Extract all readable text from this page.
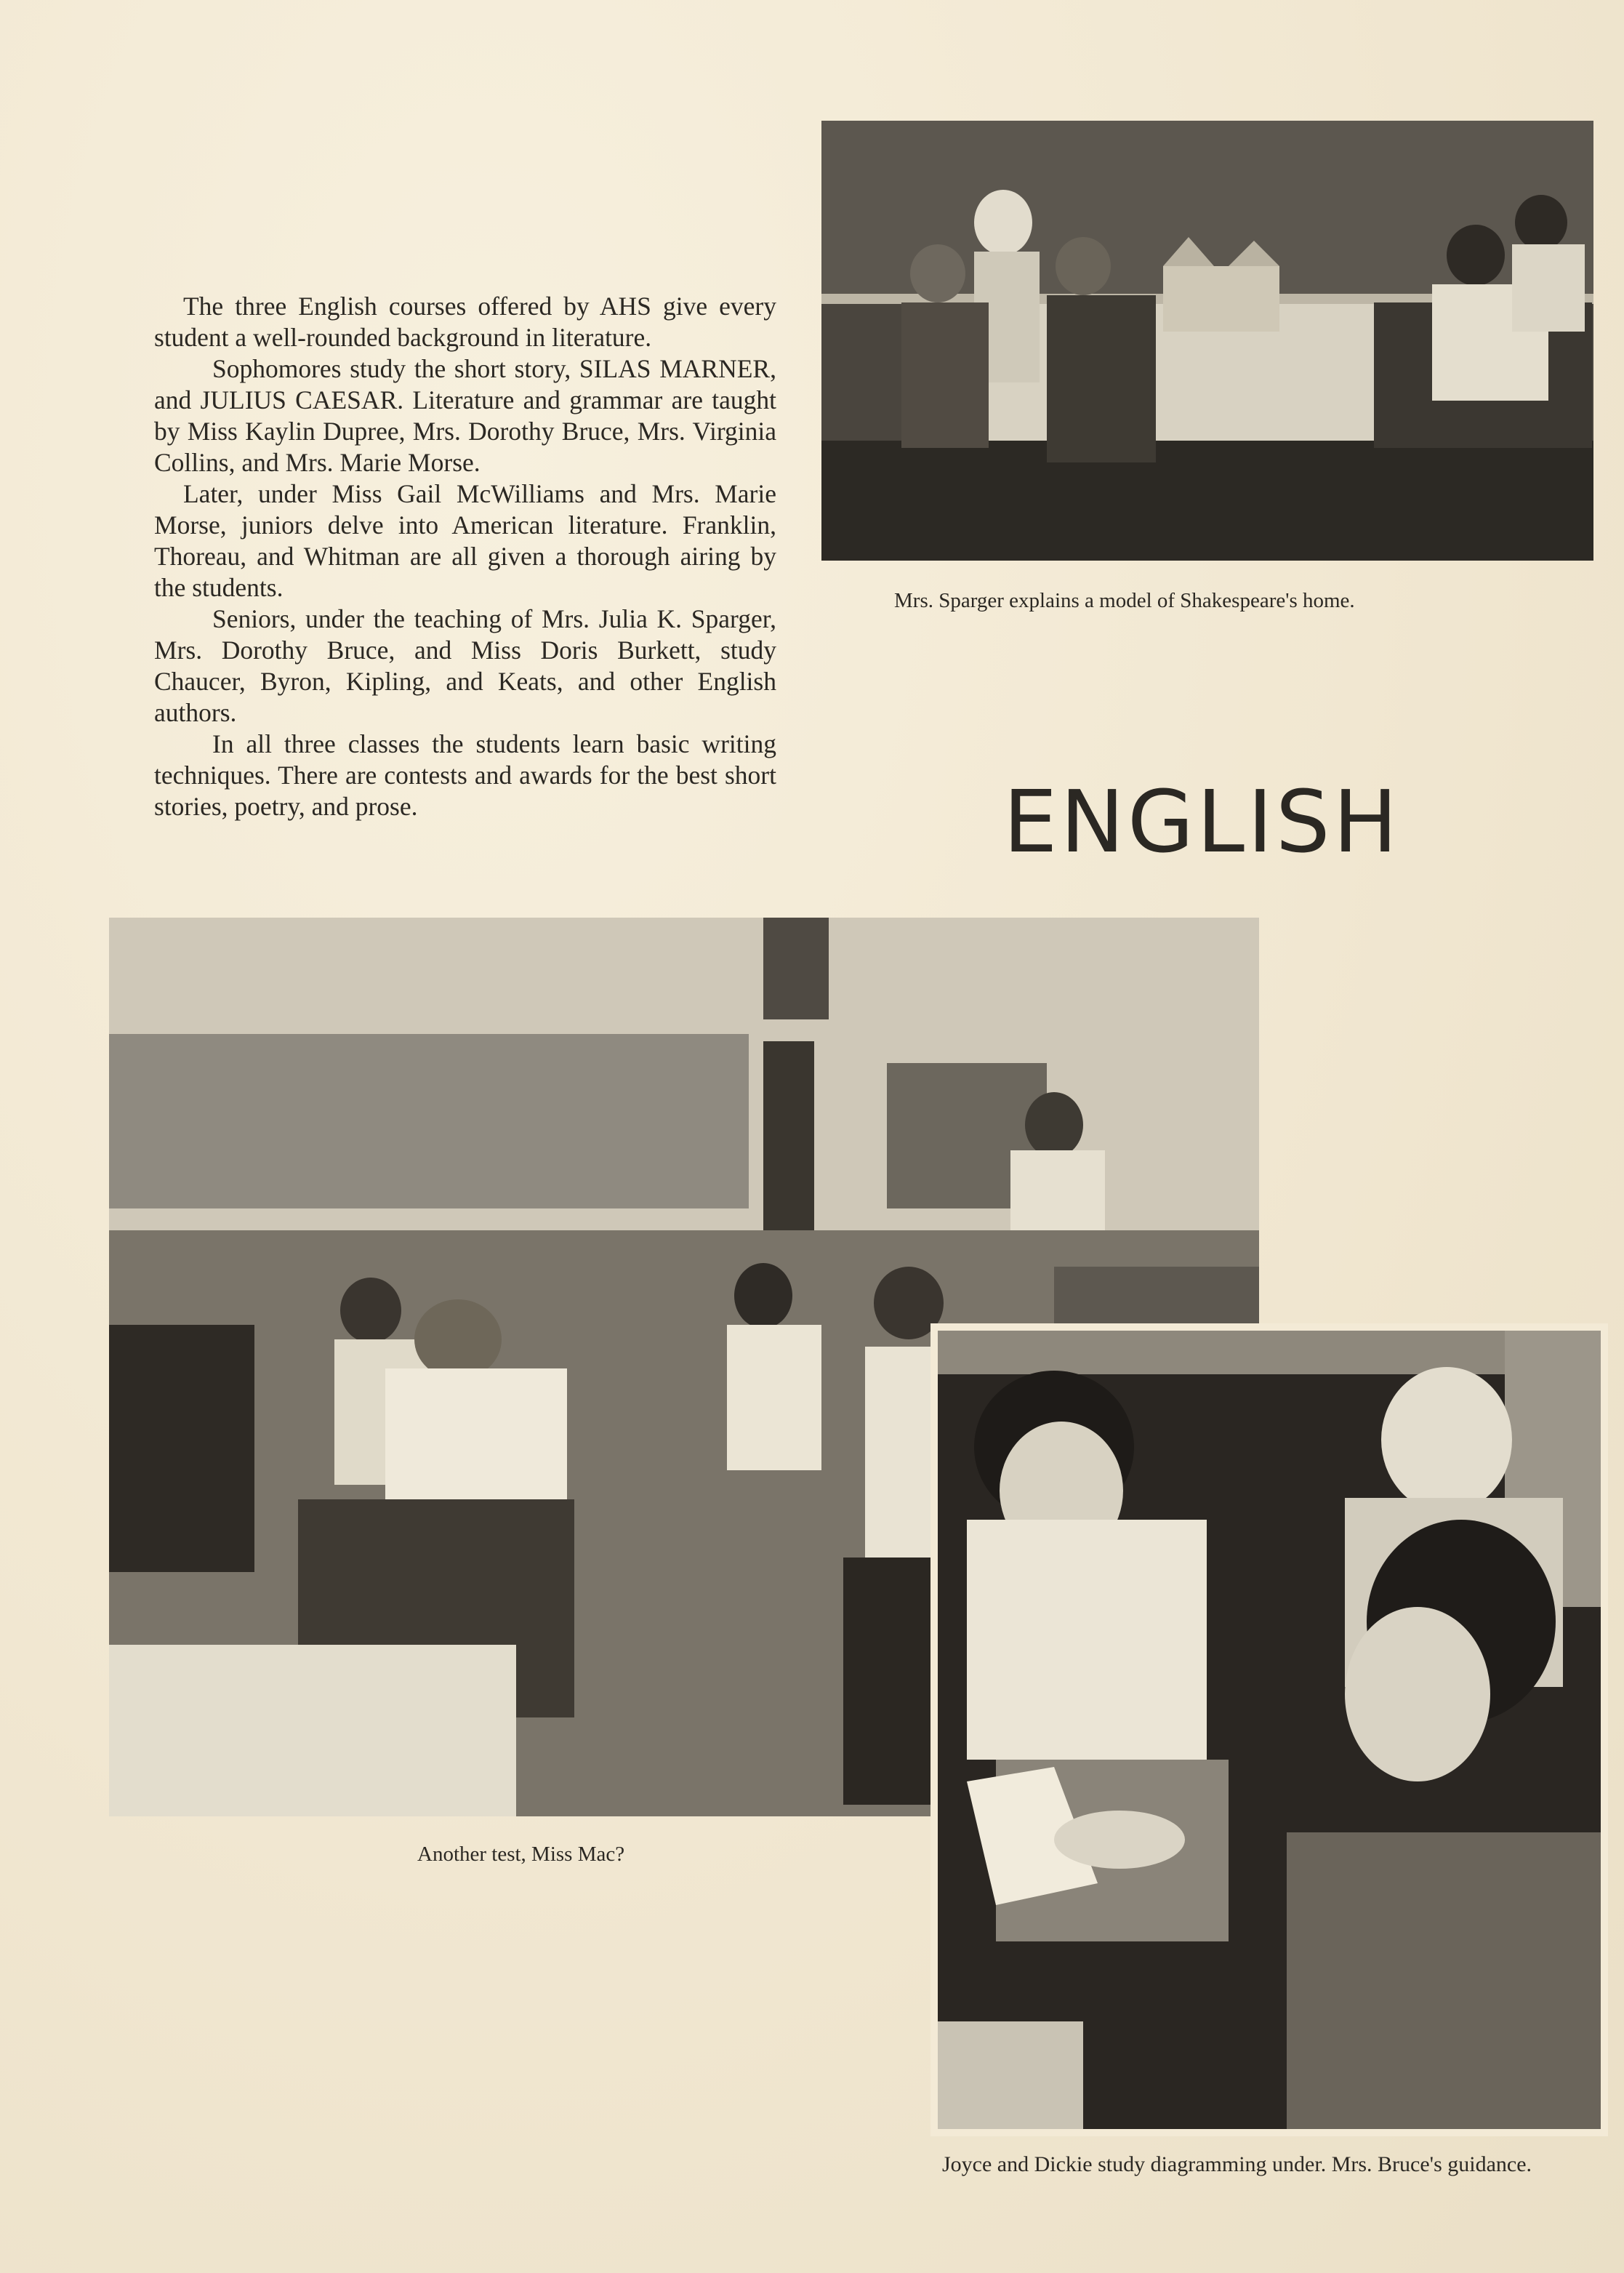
The three English courses offered by AHS give every student a well-rounded background in literature.

Sophomores study the short story, SILAS MARNER, and JULIUS CAESAR. Literature and grammar are taught by Miss Kaylin Dupree, Mrs. Dorothy Bruce, Mrs. Virginia Collins, and Mrs. Marie Morse.

Later, under Miss Gail McWilliams and Mrs. Marie Morse, juniors delve into American literature. Franklin, Thoreau, and Whitman are all given a thorough airing by the students.

Seniors, under the teaching of Mrs. Julia K. Sparger, Mrs. Dorothy Bruce, and Miss Doris Burkett, study Chaucer, Byron, Kipling, and Keats, and other English authors.

In all three classes the students learn basic writing techniques. There are contests and awards for the best short stories, poetry, and prose.

Mrs. Sparger explains a model of Shakespeare's home.
ENGLISH
Another test, Miss Mac?
Joyce and Dickie study diagramming under. Mrs. Bruce's guidance.
